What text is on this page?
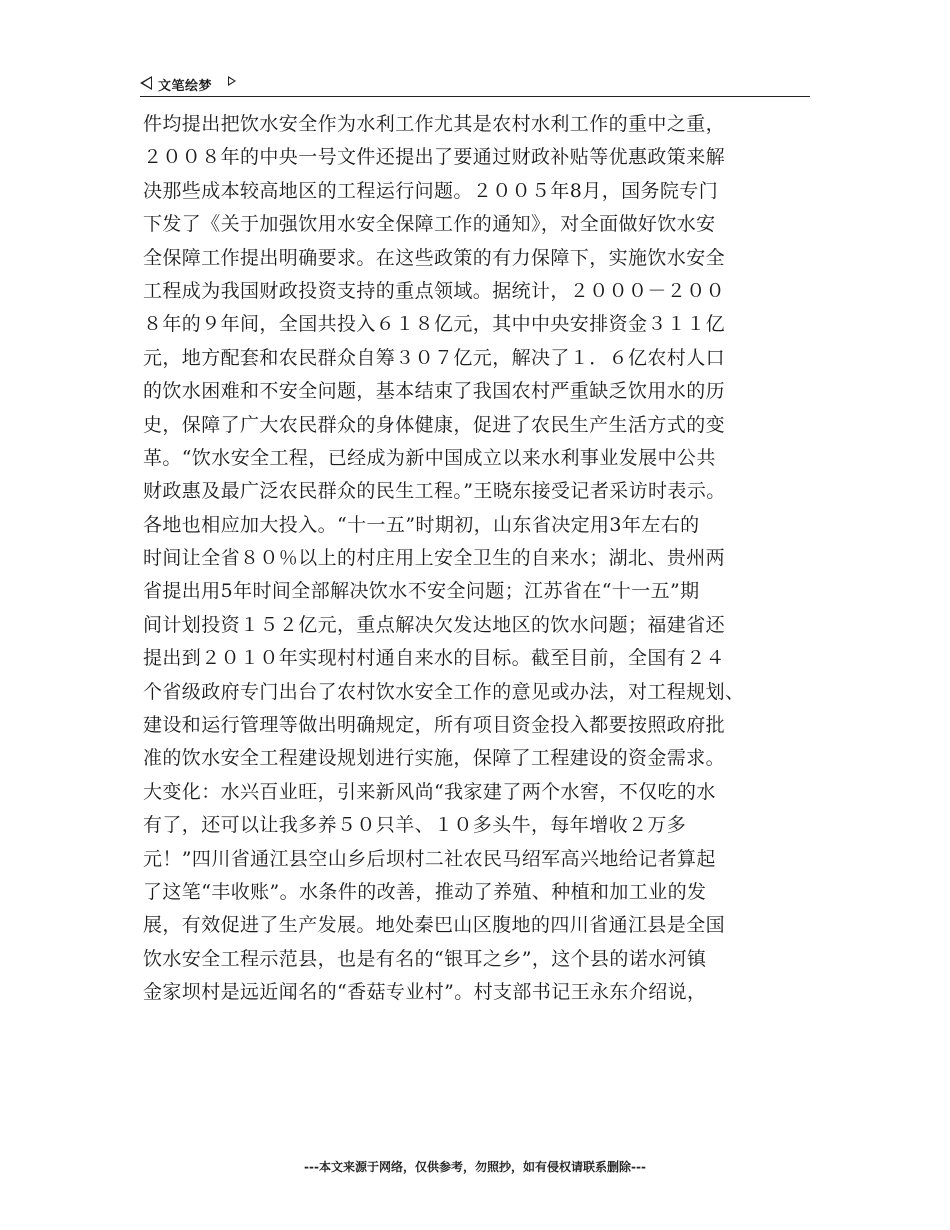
文笔绘梦
件均提出把饮水安全作为水利工作尤其是农村水利工作的重中之重，
２００８年的中央一号文件还提出了要通过财政补贴等优惠政策来解
决那些成本较高地区的工程运行问题。２００５年8月，国务院专门
下发了《关于加强饮用水安全保障工作的通知》，对全面做好饮水安
全保障工作提出明确要求。在这些政策的有力保障下，实施饮水安全
工程成为我国财政投资支持的重点领域。据统计，２０００－２００
８年的９年间，全国共投入６１８亿元，其中中央安排资金３１１亿
元，地方配套和农民群众自筹３０７亿元，解决了１．６亿农村人口
的饮水困难和不安全问题，基本结束了我国农村严重缺乏饮用水的历
史，保障了广大农民群众的身体健康，促进了农民生产生活方式的变
革。“饮水安全工程，已经成为新中国成立以来水利事业发展中公共
财政惠及最广泛农民群众的民生工程。”王晓东接受记者采访时表示。
各地也相应加大投入。“十一五”时期初，山东省决定用3年左右的
时间让全省８０％以上的村庄用上安全卫生的自来水；湖北、贵州两
省提出用5年时间全部解决饮水不安全问题；江苏省在“十一五”期
间计划投资１５２亿元，重点解决欠发达地区的饮水问题；福建省还
提出到２０１０年实现村村通自来水的目标。截至目前，全国有２４
个省级政府专门出台了农村饮水安全工作的意见或办法，对工程规划、
建设和运行管理等做出明确规定，所有项目资金投入都要按照政府批
准的饮水安全工程建设规划进行实施，保障了工程建设的资金需求。
大变化：水兴百业旺，引来新风尚“我家建了两个水窖，不仅吃的水
有了，还可以让我多养５０只羊、１０多头牛，每年增收２万多
元！”四川省通江县空山乡后坝村二社农民马绍军高兴地给记者算起
了这笔“丰收账”。水条件的改善，推动了养殖、种植和加工业的发
展，有效促进了生产发展。地处秦巴山区腹地的四川省通江县是全国
饮水安全工程示范县，也是有名的“银耳之乡”，这个县的诺水河镇
金家坝村是远近闻名的“香菇专业村”。村支部书记王永东介绍说，
---本文来源于网络，仅供参考，勿照抄，如有侵权请联系删除---
